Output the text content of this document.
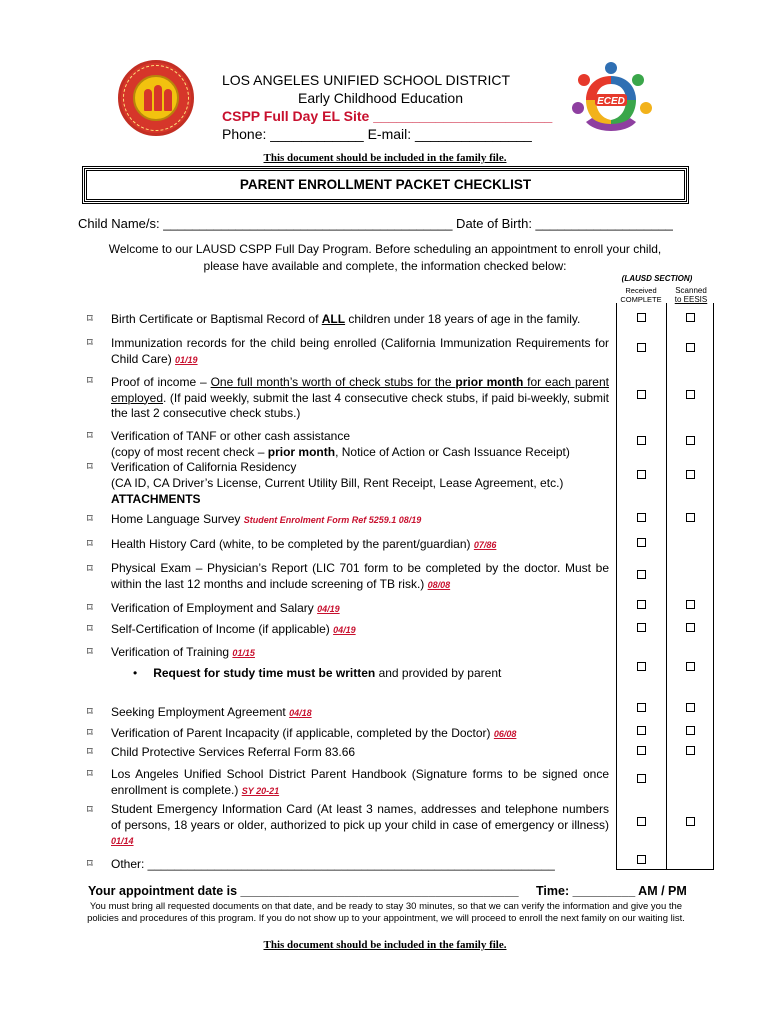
ECED
LOS ANGELES UNIFIED SCHOOL DISTRICT
Early Childhood Education
CSPP Full Day EL Site _______________________
Phone: ____________ E-mail: _______________
This document should be included in the family file.
PARENT ENROLLMENT PACKET CHECKLIST
Child Name/s: ________________________________________ Date of Birth: ___________________
Welcome to our LAUSD CSPP Full Day Program. Before scheduling an appointment to enroll your child,
please have available and complete, the information checked below:
(LAUSD SECTION)
Received
COMPLETE
Scanned
to EESIS
⌑ Birth Certificate or Baptismal Record of ALL children under 18 years of age in the family.
⌑ Immunization records for the child being enrolled (California Immunization Requirements for Child Care) 01/19
⌑ Proof of income – One full month’s worth of check stubs for the prior month for each parent employed. (If paid weekly, submit the last 4 consecutive check stubs, if paid bi-weekly, submit the last 2 consecutive check stubs.)
⌑ Verification of TANF or other cash assistance
(copy of most recent check – prior month, Notice of Action or Cash Issuance Receipt)
⌑ Verification of California Residency
(CA ID, CA Driver’s License, Current Utility Bill, Rent Receipt, Lease Agreement, etc.)
ATTACHMENTS
⌑ Home Language Survey Student Enrolment Form Ref 5259.1 08/19
⌑ Health History Card (white, to be completed by the parent/guardian) 07/86
⌑ Physical Exam – Physician’s Report (LIC 701 form to be completed by the doctor. Must be within the last 12 months and include screening of TB risk.) 08/08
⌑ Verification of Employment and Salary 04/19
⌑ Self-Certification of Income (if applicable) 04/19
⌑ Verification of Training 01/15
• Request for study time must be written and provided by parent
⌑ Seeking Employment Agreement 04/18
⌑ Verification of Parent Incapacity (if applicable, completed by the Doctor) 06/08
⌑ Child Protective Services Referral Form 83.66
⌑ Los Angeles Unified School District Parent Handbook (Signature forms to be signed once enrollment is complete.) SY 20-21
⌑ Student Emergency Information Card (At least 3 names, addresses and telephone numbers of persons, 18 years or older, authorized to pick up your child in case of emergency or illness) 01/14
⌑ Other: _____________________________________________________________
Your appointment date is ________________________________________ Time: _________ AM / PM
You must bring all requested documents on that date, and be ready to stay 30 minutes, so that we can verify the information and give you the policies and procedures of this program. If you do not show up to your appointment, we will proceed to enroll the next family on our waiting list.
This document should be included in the family file.
